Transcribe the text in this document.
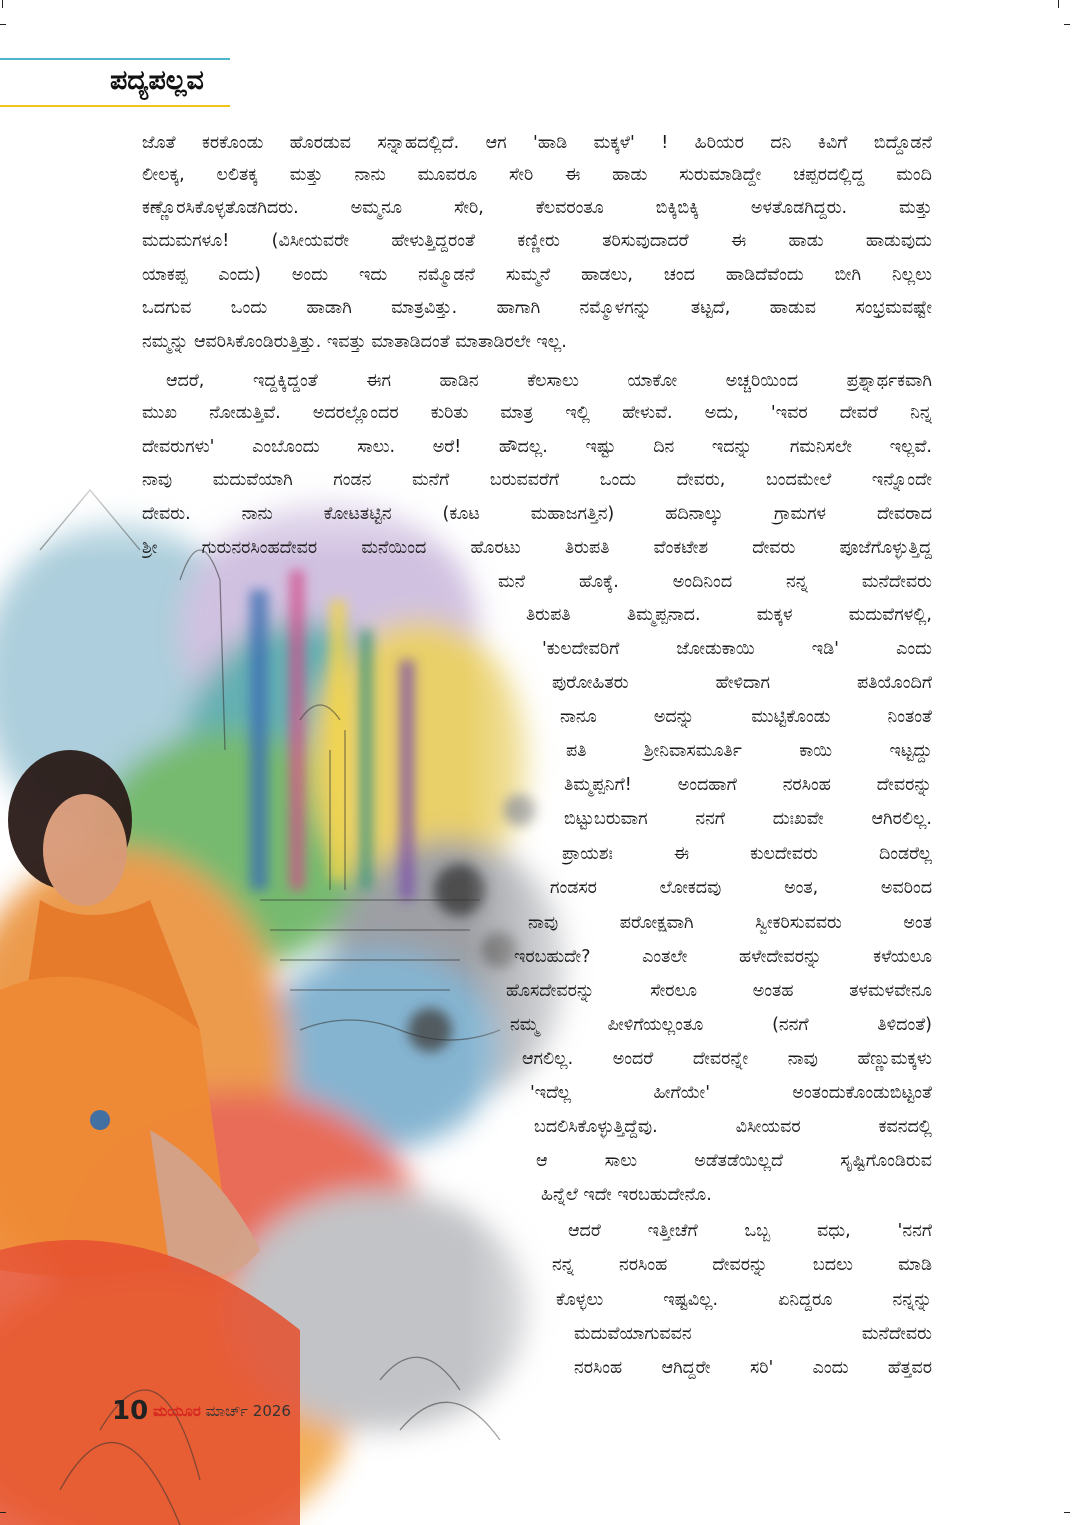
ಪದ್ಯಪಲ್ಲವ
ಜೊತೆ ಕರಕೊಂಡು ಹೊರಡುವ ಸನ್ನಾಹದಲ್ಲಿದೆ. ಆಗ 'ಹಾಡಿ ಮಕ್ಕಳೆ' ! ಹಿರಿಯರ ದನಿ ಕಿವಿಗೆ ಬಿದ್ದೊಡನೆ
ಲೀಲಕ್ಕ, ಲಲಿತಕ್ಕ ಮತ್ತು ನಾನು ಮೂವರೂ ಸೇರಿ ಈ ಹಾಡು ಸುರುಮಾಡಿದ್ದೇ ಚಪ್ಪರದಲ್ಲಿದ್ದ ಮಂದಿ
ಕಣ್ಣೊರಸಿಕೊಳ್ಳತೊಡಗಿದರು. ಅಮ್ಮನೂ ಸೇರಿ, ಕೆಲವರಂತೂ ಬಿಕ್ಕಿಬಿಕ್ಕಿ ಅಳತೊಡಗಿದ್ದರು. ಮತ್ತು
ಮದುಮಗಳೂ! (ವಿಸೀಯವರೇ ಹೇಳುತ್ತಿದ್ದರಂತೆ ಕಣ್ಣೀರು ತರಿಸುವುದಾದರೆ ಈ ಹಾಡು ಹಾಡುವುದು
ಯಾಕಪ್ಪ ಎಂದು) ಅಂದು ಇದು ನಮ್ಮೊಡನೆ ಸುಮ್ಮನೆ ಹಾಡಲು, ಚಂದ ಹಾಡಿದೆವೆಂದು ಬೀಗಿ ನಿಲ್ಲಲು
ಒದಗುವ ಒಂದು ಹಾಡಾಗಿ ಮಾತ್ರವಿತ್ತು. ಹಾಗಾಗಿ ನಮ್ಮೊಳಗನ್ನು ತಟ್ಟದೆ, ಹಾಡುವ ಸಂಭ್ರಮವಷ್ಟೇ
ನಮ್ಮನ್ನು ಆವರಿಸಿಕೊಂಡಿರುತ್ತಿತ್ತು. ಇವತ್ತು ಮಾತಾಡಿದಂತೆ ಮಾತಾಡಿರಲೇ ಇಲ್ಲ.
ಆದರೆ, ಇದ್ದಕ್ಕಿದ್ದಂತೆ ಈಗ ಹಾಡಿನ ಕೆಲಸಾಲು ಯಾಕೋ ಅಚ್ಚರಿಯಿಂದ ಪ್ರಶ್ನಾರ್ಥಕವಾಗಿ
ಮುಖ ನೋಡುತ್ತಿವೆ. ಅದರಲ್ಲೊಂದರ ಕುರಿತು ಮಾತ್ರ ಇಲ್ಲಿ ಹೇಳುವೆ. ಅದು, 'ಇವರ ದೇವರೆ ನಿನ್ನ
ದೇವರುಗಳು' ಎಂಬೊಂದು ಸಾಲು. ಅರೆ! ಹೌದಲ್ಲ. ಇಷ್ಟು ದಿನ ಇದನ್ನು ಗಮನಿಸಲೇ ಇಲ್ಲವೆ.
ನಾವು ಮದುವೆಯಾಗಿ ಗಂಡನ ಮನೆಗೆ ಬರುವವರೆಗೆ ಒಂದು ದೇವರು, ಬಂದಮೇಲೆ ಇನ್ನೊಂದೇ
ದೇವರು. ನಾನು ಕೋಟತಟ್ಟಿನ (ಕೂಟ ಮಹಾಜಗತ್ತಿನ) ಹದಿನಾಲ್ಕು ಗ್ರಾಮಗಳ ದೇವರಾದ
ಶ್ರೀ ಗುರುನರಸಿಂಹದೇವರ ಮನೆಯಿಂದ ಹೊರಟು ತಿರುಪತಿ ವೆಂಕಟೇಶ ದೇವರು ಪೂಜೆಗೊಳ್ಳುತ್ತಿದ್ದ
ಮನೆ ಹೊಕ್ಕೆ. ಅಂದಿನಿಂದ ನನ್ನ ಮನೆದೇವರು
ತಿರುಪತಿ ತಿಮ್ಮಪ್ಪನಾದ. ಮಕ್ಕಳ ಮದುವೆಗಳಲ್ಲಿ,
'ಕುಲದೇವರಿಗೆ ಜೋಡುಕಾಯಿ ಇಡಿ' ಎಂದು
ಪುರೋಹಿತರು ಹೇಳಿದಾಗ ಪತಿಯೊಂದಿಗೆ
ನಾನೂ ಅದನ್ನು ಮುಟ್ಟಿಕೊಂಡು ನಿಂತಂತೆ
ಪತಿ ಶ್ರೀನಿವಾಸಮೂರ್ತಿ ಕಾಯಿ ಇಟ್ಟದ್ದು
ತಿಮ್ಮಪ್ಪನಿಗೆ! ಅಂದಹಾಗೆ ನರಸಿಂಹ ದೇವರನ್ನು
ಬಿಟ್ಟುಬರುವಾಗ ನನಗೆ ದುಃಖವೇ ಆಗಿರಲಿಲ್ಲ.
ಪ್ರಾಯಶಃ ಈ ಕುಲದೇವರು ದಿಂಡರೆಲ್ಲ
ಗಂಡಸರ ಲೋಕದವು ಅಂತ, ಅವರಿಂದ
ನಾವು ಪರೋಕ್ಷವಾಗಿ ಸ್ವೀಕರಿಸುವವರು ಅಂತ
ಇರಬಹುದೇ? ಎಂತಲೇ ಹಳೇದೇವರನ್ನು ಕಳೆಯಲೂ
ಹೊಸದೇವರನ್ನು ಸೇರಲೂ ಅಂತಹ ತಳಮಳವೇನೂ
ನಮ್ಮ ಪೀಳಿಗೆಯಲ್ಲಂತೂ (ನನಗೆ ತಿಳಿದಂತೆ)
ಆಗಲಿಲ್ಲ. ಅಂದರೆ ದೇವರನ್ನೇ ನಾವು ಹೆಣ್ಣುಮಕ್ಕಳು
'ಇದೆಲ್ಲ ಹೀಗೆಯೇ' ಅಂತಂದುಕೊಂಡುಬಿಟ್ಟಂತೆ
ಬದಲಿಸಿಕೊಳ್ಳುತ್ತಿದ್ದೆವು. ವಿಸೀಯವರ ಕವನದಲ್ಲಿ
ಆ ಸಾಲು ಅಡೆತಡೆಯಿಲ್ಲದೆ ಸೃಷ್ಟಿಗೊಂಡಿರುವ
ಹಿನ್ನೆಲೆ ಇದೇ ಇರಬಹುದೇನೊ.
ಆದರೆ ಇತ್ತೀಚೆಗೆ ಒಬ್ಬ ವಧು, 'ನನಗೆ
ನನ್ನ ನರಸಿಂಹ ದೇವರನ್ನು ಬದಲು ಮಾಡಿ
ಕೊಳ್ಳಲು ಇಷ್ಟವಿಲ್ಲ. ಏನಿದ್ದರೂ ನನ್ನನ್ನು
ಮದುವೆಯಾಗುವವನ ಮನೆದೇವರು
ನರಸಿಂಹ ಆಗಿದ್ದರೇ ಸರಿ' ಎಂದು ಹೆತ್ತವರ
10 ಮಯೂರ ಮಾರ್ಚ್ 2026
